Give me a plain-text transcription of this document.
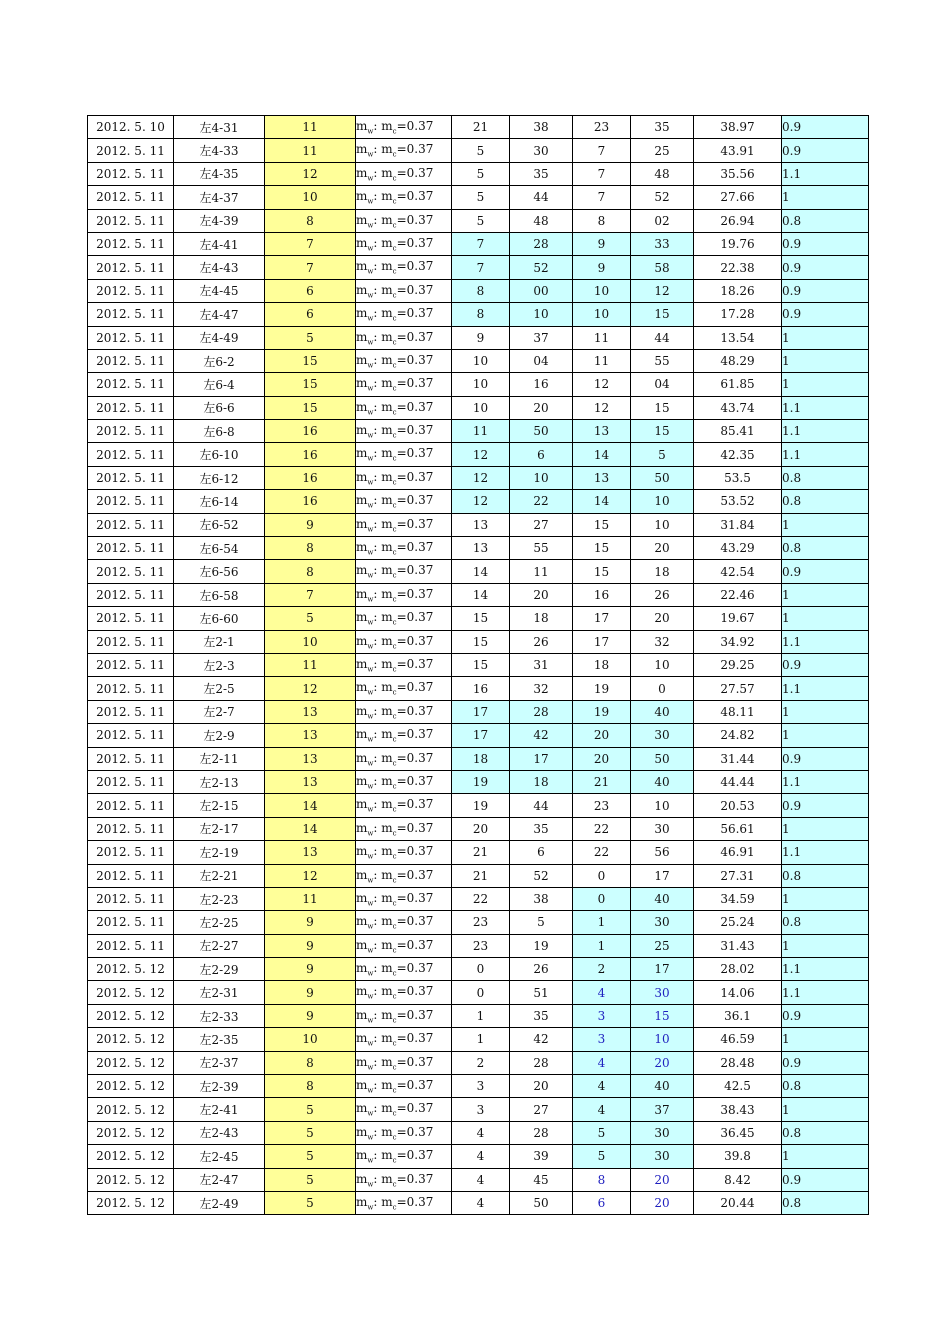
2012. 5. 10	左4-31	11	$m_w$: $m_c=0.37$	21	38	23	35	38.97	0.9
2012. 5. 11	左4-33	11	$m_w$: $m_c=0.37$	5	30	7	25	43.91	0.9
2012. 5. 11	左4-35	12	$m_w$: $m_c=0.37$	5	35	7	48	35.56	1.1
2012. 5. 11	左4-37	10	$m_w$: $m_c=0.37$	5	44	7	52	27.66	1
2012. 5. 11	左4-39	8	$m_w$: $m_c=0.37$	5	48	8	02	26.94	0.8
2012. 5. 11	左4-41	7	$m_w$: $m_c=0.37$	7	28	9	33	19.76	0.9
2012. 5. 11	左4-43	7	$m_w$: $m_c=0.37$	7	52	9	58	22.38	0.9
2012. 5. 11	左4-45	6	$m_w$: $m_c=0.37$	8	00	10	12	18.26	0.9
2012. 5. 11	左4-47	6	$m_w$: $m_c=0.37$	8	10	10	15	17.28	0.9
2012. 5. 11	左4-49	5	$m_w$: $m_c=0.37$	9	37	11	44	13.54	1
2012. 5. 11	左6-2	15	$m_w$: $m_c=0.37$	10	04	11	55	48.29	1
2012. 5. 11	左6-4	15	$m_w$: $m_c=0.37$	10	16	12	04	61.85	1
2012. 5. 11	左6-6	15	$m_w$: $m_c=0.37$	10	20	12	15	43.74	1.1
2012. 5. 11	左6-8	16	$m_w$: $m_c=0.37$	11	50	13	15	85.41	1.1
2012. 5. 11	左6-10	16	$m_w$: $m_c=0.37$	12	6	14	5	42.35	1.1
2012. 5. 11	左6-12	16	$m_w$: $m_c=0.37$	12	10	13	50	53.5	0.8
2012. 5. 11	左6-14	16	$m_w$: $m_c=0.37$	12	22	14	10	53.52	0.8
2012. 5. 11	左6-52	9	$m_w$: $m_c=0.37$	13	27	15	10	31.84	1
2012. 5. 11	左6-54	8	$m_w$: $m_c=0.37$	13	55	15	20	43.29	0.8
2012. 5. 11	左6-56	8	$m_w$: $m_c=0.37$	14	11	15	18	42.54	0.9
2012. 5. 11	左6-58	7	$m_w$: $m_c=0.37$	14	20	16	26	22.46	1
2012. 5. 11	左6-60	5	$m_w$: $m_c=0.37$	15	18	17	20	19.67	1
2012. 5. 11	左2-1	10	$m_w$: $m_c=0.37$	15	26	17	32	34.92	1.1
2012. 5. 11	左2-3	11	$m_w$: $m_c=0.37$	15	31	18	10	29.25	0.9
2012. 5. 11	左2-5	12	$m_w$: $m_c=0.37$	16	32	19	0	27.57	1.1
2012. 5. 11	左2-7	13	$m_w$: $m_c=0.37$	17	28	19	40	48.11	1
2012. 5. 11	左2-9	13	$m_w$: $m_c=0.37$	17	42	20	30	24.82	1
2012. 5. 11	左2-11	13	$m_w$: $m_c=0.37$	18	17	20	50	31.44	0.9
2012. 5. 11	左2-13	13	$m_w$: $m_c=0.37$	19	18	21	40	44.44	1.1
2012. 5. 11	左2-15	14	$m_w$: $m_c=0.37$	19	44	23	10	20.53	0.9
2012. 5. 11	左2-17	14	$m_w$: $m_c=0.37$	20	35	22	30	56.61	1
2012. 5. 11	左2-19	13	$m_w$: $m_c=0.37$	21	6	22	56	46.91	1.1
2012. 5. 11	左2-21	12	$m_w$: $m_c=0.37$	21	52	0	17	27.31	0.8
2012. 5. 11	左2-23	11	$m_w$: $m_c=0.37$	22	38	0	40	34.59	1
2012. 5. 11	左2-25	9	$m_w$: $m_c=0.37$	23	5	1	30	25.24	0.8
2012. 5. 11	左2-27	9	$m_w$: $m_c=0.37$	23	19	1	25	31.43	1
2012. 5. 12	左2-29	9	$m_w$: $m_c=0.37$	0	26	2	17	28.02	1.1
2012. 5. 12	左2-31	9	$m_w$: $m_c=0.37$	0	51	4	30	14.06	1.1
2012. 5. 12	左2-33	9	$m_w$: $m_c=0.37$	1	35	3	15	36.1	0.9
2012. 5. 12	左2-35	10	$m_w$: $m_c=0.37$	1	42	3	10	46.59	1
2012. 5. 12	左2-37	8	$m_w$: $m_c=0.37$	2	28	4	20	28.48	0.9
2012. 5. 12	左2-39	8	$m_w$: $m_c=0.37$	3	20	4	40	42.5	0.8
2012. 5. 12	左2-41	5	$m_w$: $m_c=0.37$	3	27	4	37	38.43	1
2012. 5. 12	左2-43	5	$m_w$: $m_c=0.37$	4	28	5	30	36.45	0.8
2012. 5. 12	左2-45	5	$m_w$: $m_c=0.37$	4	39	5	30	39.8	1
2012. 5. 12	左2-47	5	$m_w$: $m_c=0.37$	4	45	8	20	8.42	0.9
2012. 5. 12	左2-49	5	$m_w$: $m_c=0.37$	4	50	6	20	20.44	0.8
